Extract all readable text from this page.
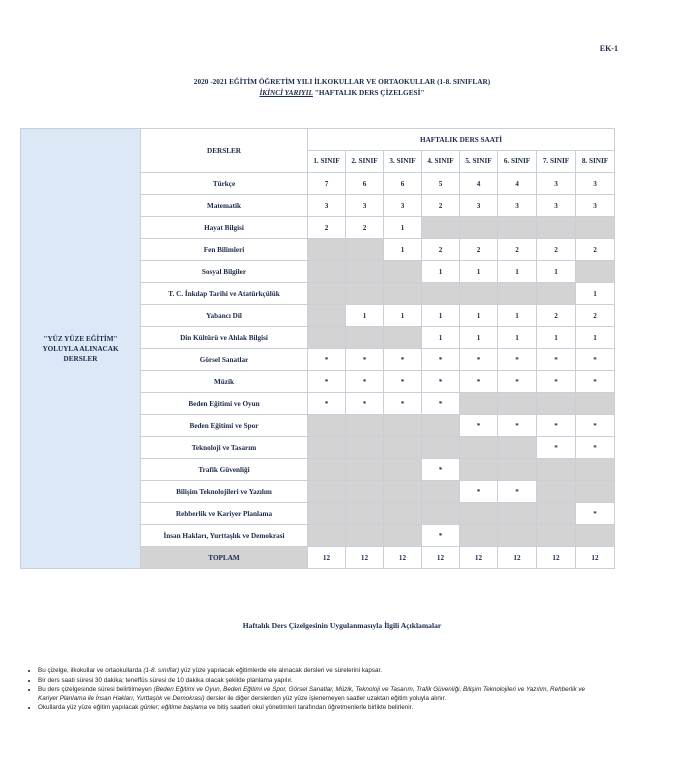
EK-1
2020 -2021 EĞİTİM ÖĞRETİM YILI İLKOKULLAR VE ORTAOKULLAR (1-8. SINIFLAR)
İKİNCİ YARIYIL "HAFTALIK DERS ÇİZELGESİ"
"YÜZ YÜZE EĞİTİM" YOLUYLA ALINACAK DERSLER	DERSLER	HAFTALIK DERS SAATİ							
		1. SINIF	2. SINIF	3. SINIF	4. SINIF	5. SINIF	6. SINIF	7. SINIF	8. SINIF
	Türkçe	7	6	6	5	4	4	3	3
	Matematik	3	3	3	2	3	3	3	3
	Hayat Bilgisi	2	2	1					
	Fen Bilimleri			1	2	2	2	2	2
	Sosyal Bilgiler				1	1	1	1	
	T. C. İnkılap Tarihi ve Atatürkçülük								1
	Yabancı Dil		1	1	1	1	1	2	2
	Din Kültürü ve Ahlak Bilgisi				1	1	1	1	1
	Görsel Sanatlar	*	*	*	*	*	*	*	*
	Müzik	*	*	*	*	*	*	*	*
	Beden Eğitimi ve Oyun	*	*	*	*				
	Beden Eğitimi ve Spor					*	*	*	*
	Teknoloji ve Tasarım							*	*
	Trafik Güvenliği				*				
	Bilişim Teknolojileri ve Yazılım					*	*		
	Rehberlik ve Kariyer Planlama								*
	İnsan Hakları, Yurttaşlık ve Demokrasi				*				
	TOPLAM	12	12	12	12	12	12	12	12
Haftalık Ders Çizelgesinin Uygulanmasıyla İlgili Açıklamalar
• Bu çizelge, ilkokullar ve ortaokullarda (1-8. sınıflar) yüz yüze yapılacak eğitimlerde ele alınacak dersleri ve sürelerini kapsar.
• Bir ders saati süresi 30 dakika; teneffüs süresi de 10 dakika olacak şekilde planlama yapılır.
• Bu ders çizelgesinde süresi belirtilmeyen (Beden Eğitimi ve Oyun, Beden Eğitimi ve Spor, Görsel Sanatlar, Müzik, Teknoloji ve Tasarım, Trafik Güvenliği, Bilişim Teknolojileri ve Yazılım, Rehberlik ve Kariyer Planlama ile İnsan Hakları, Yurttaşlık ve Demokrasi) dersler ile diğer derslerden yüz yüze işlenemeyen saatler uzaktan eğitim yoluyla alınır.
• Okullarda yüz yüze eğitim yapılacak günler; eğitime başlama ve bitiş saatleri okul yönetimleri tarafından öğretmenlerle birlikte belirlenir.
